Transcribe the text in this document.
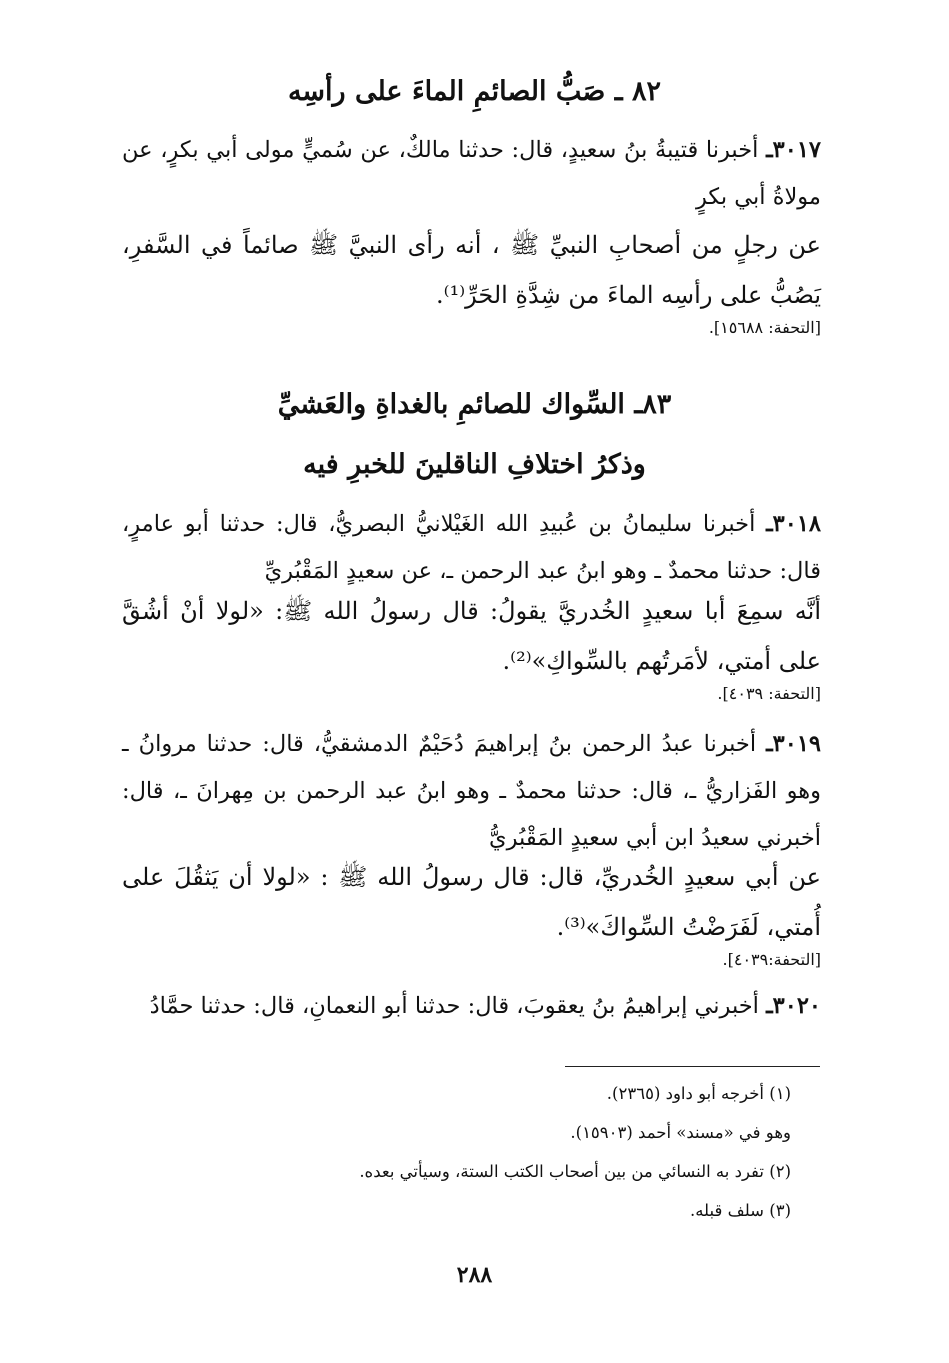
٨٢ ـ صَبُّ الصائمِ الماءَ على رأسِه
٣٠١٧ـ أخبرنا قتيبةُ بنُ سعيدٍ، قال: حدثنا مالكٌ، عن سُميٍّ مولى أبي بكرٍ، عن مولاةُ أبي بكرٍ
عن رجلٍ من أصحابِ النبيِّ ﷺ ، أنه رأى النبيَّ ﷺ صائماً في السَّفرِ، يَصُبُّ على رأسِه الماءَ من شِدَّةِ الحَرِّ⁽¹⁾.
[التحفة: ١٥٦٨٨].
٨٣ـ السِّواك للصائمِ بالغداةِ والعَشيِّ
وذكرُ اختلافِ الناقلينَ للخبرِ فيه
٣٠١٨ـ أخبرنا سليمانُ بن عُبيدِ الله الغَيْلانيُّ البصريُّ، قال: حدثنا أبو عامرٍ، قال: حدثنا محمدٌ ـ وهو ابنُ عبد الرحمن ـ، عن سعيدٍ المَقْبُريِّ
أنَّه سمِعَ أبا سعيدٍ الخُدريَّ يقولُ: قال رسولُ الله ﷺ: «لولا أنْ أشُقَّ على أمتي، لأمَرتُهم بالسِّواكِ»⁽²⁾.
[التحفة: ٤٠٣٩].
٣٠١٩ـ أخبرنا عبدُ الرحمن بنُ إبراهيمَ دُحَيْمٌ الدمشقيُّ، قال: حدثنا مروانُ ـ وهو الفَزاريُّ ـ، قال: حدثنا محمدٌ ـ وهو ابنُ عبد الرحمن بن مِهرانَ ـ، قال: أخبرني سعيدُ ابن أبي سعيدٍ المَقْبُريُّ
عن أبي سعيدٍ الخُدريِّ، قال: قال رسولُ الله ﷺ : «لولا أن يَثقُلَ على أُمتي، لَفَرَضْتُ السِّواكَ»⁽³⁾.
[التحفة:٤٠٣٩].
٣٠٢٠ـ أخبرني إبراهيمُ بنُ يعقوبَ، قال: حدثنا أبو النعمانِ، قال: حدثنا حمَّادُ
(١) أخرجه أبو داود (٢٣٦٥).
وهو في «مسند» أحمد (١٥٩٠٣).
(٢) تفرد به النسائي من بين أصحاب الكتب الستة، وسيأتي بعده.
(٣) سلف قبله.
٢٨٨
